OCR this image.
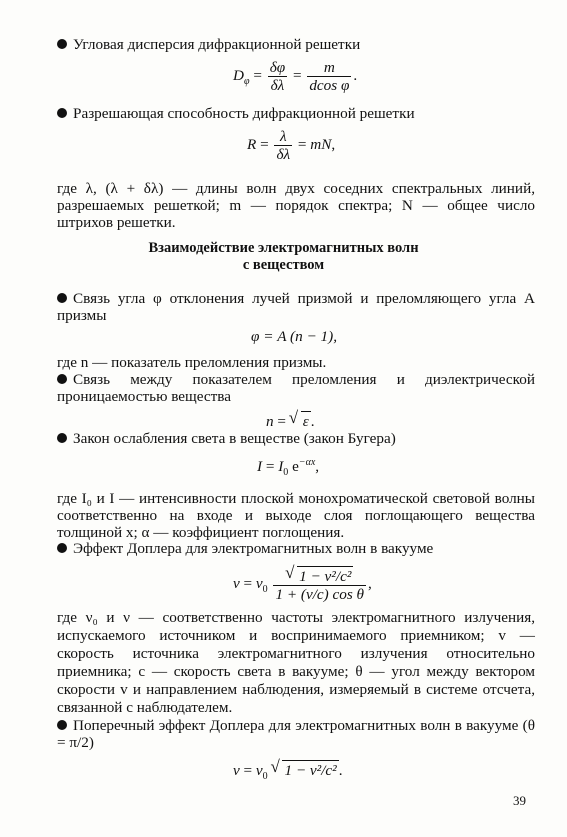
Угловая дисперсия дифракционной решетки
$D_\varphi = \frac{\delta\varphi}{\delta\lambda} = \frac{m}{\text{dcos φ}}$ .
Разрешающая способность дифракционной решетки
$R = \frac{\lambda}{\delta\lambda}$ = mN,
где λ, (λ + δλ) — длины волн двух соседних спектральных линий, разрешаемых решеткой; m — порядок спектра; N — общее число штрихов решетки.
Взаимодействие электромагнитных волн
с веществом
Связь угла φ отклонения лучей призмой и преломляющего угла A призмы
φ = A (n − 1),
где n — показатель преломления призмы.
Связь между показателем преломления и диэлектрической проницаемостью вещества
n = √ ε .
Закон ослабления света в веществе (закон Бугера)
$I = I_0$ $e^{-\alpha x}$,
где I₀ и I — интенсивности плоской монохроматической световой волны соответственно на входе и выходе слоя поглощающего вещества толщиной x; α — коэффициент поглощения.
Эффект Доплера для электромагнитных волн в вакууме
$\nu = \nu_0$ √ $\frac{\text{1 − v²/c²}}{\text{1 + (v/c) cos θ}}$ ,
где ν₀ и ν — соответственно частоты электромагнитного излучения, испускаемого источником и воспринимаемого приемником; v — скорость источника электромагнитного излучения относительно приемника; c — скорость света в вакууме; θ — угол между вектором скорости v и направлением наблюдения, измеряемый в системе отсчета, связанной с наблюдателем.
Поперечный эффект Доплера для электромагнитных волн в вакууме (θ = π/2)
$\nu = \nu_0$ √ 1 − v²/c² .
39
